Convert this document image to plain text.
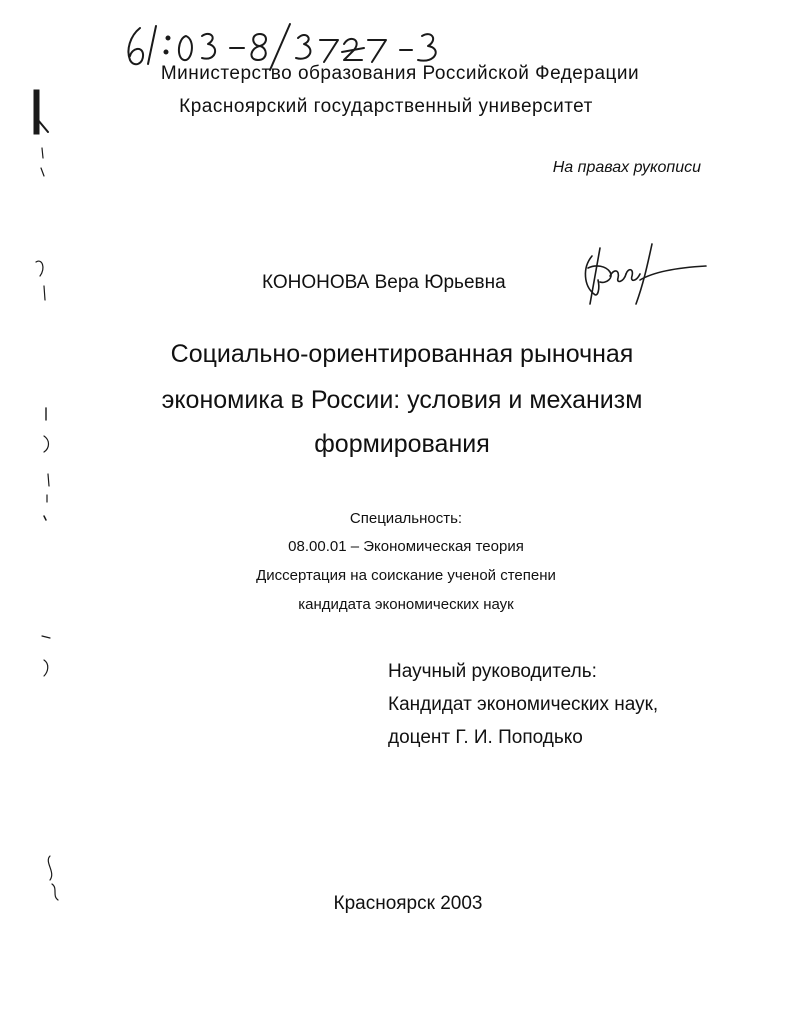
Министерство образования Российской Федерации
Красноярский государственный университет
На правах рукописи
КОНОНОВА Вера Юрьевна
Социально-ориентированная рыночная
экономика в России: условия и механизм
формирования
Специальность:
08.00.01 – Экономическая теория
Диссертация на соискание ученой степени
кандидата экономических наук
Научный руководитель:
Кандидат экономических наук,
доцент Г. И. Поподько
Красноярск 2003
